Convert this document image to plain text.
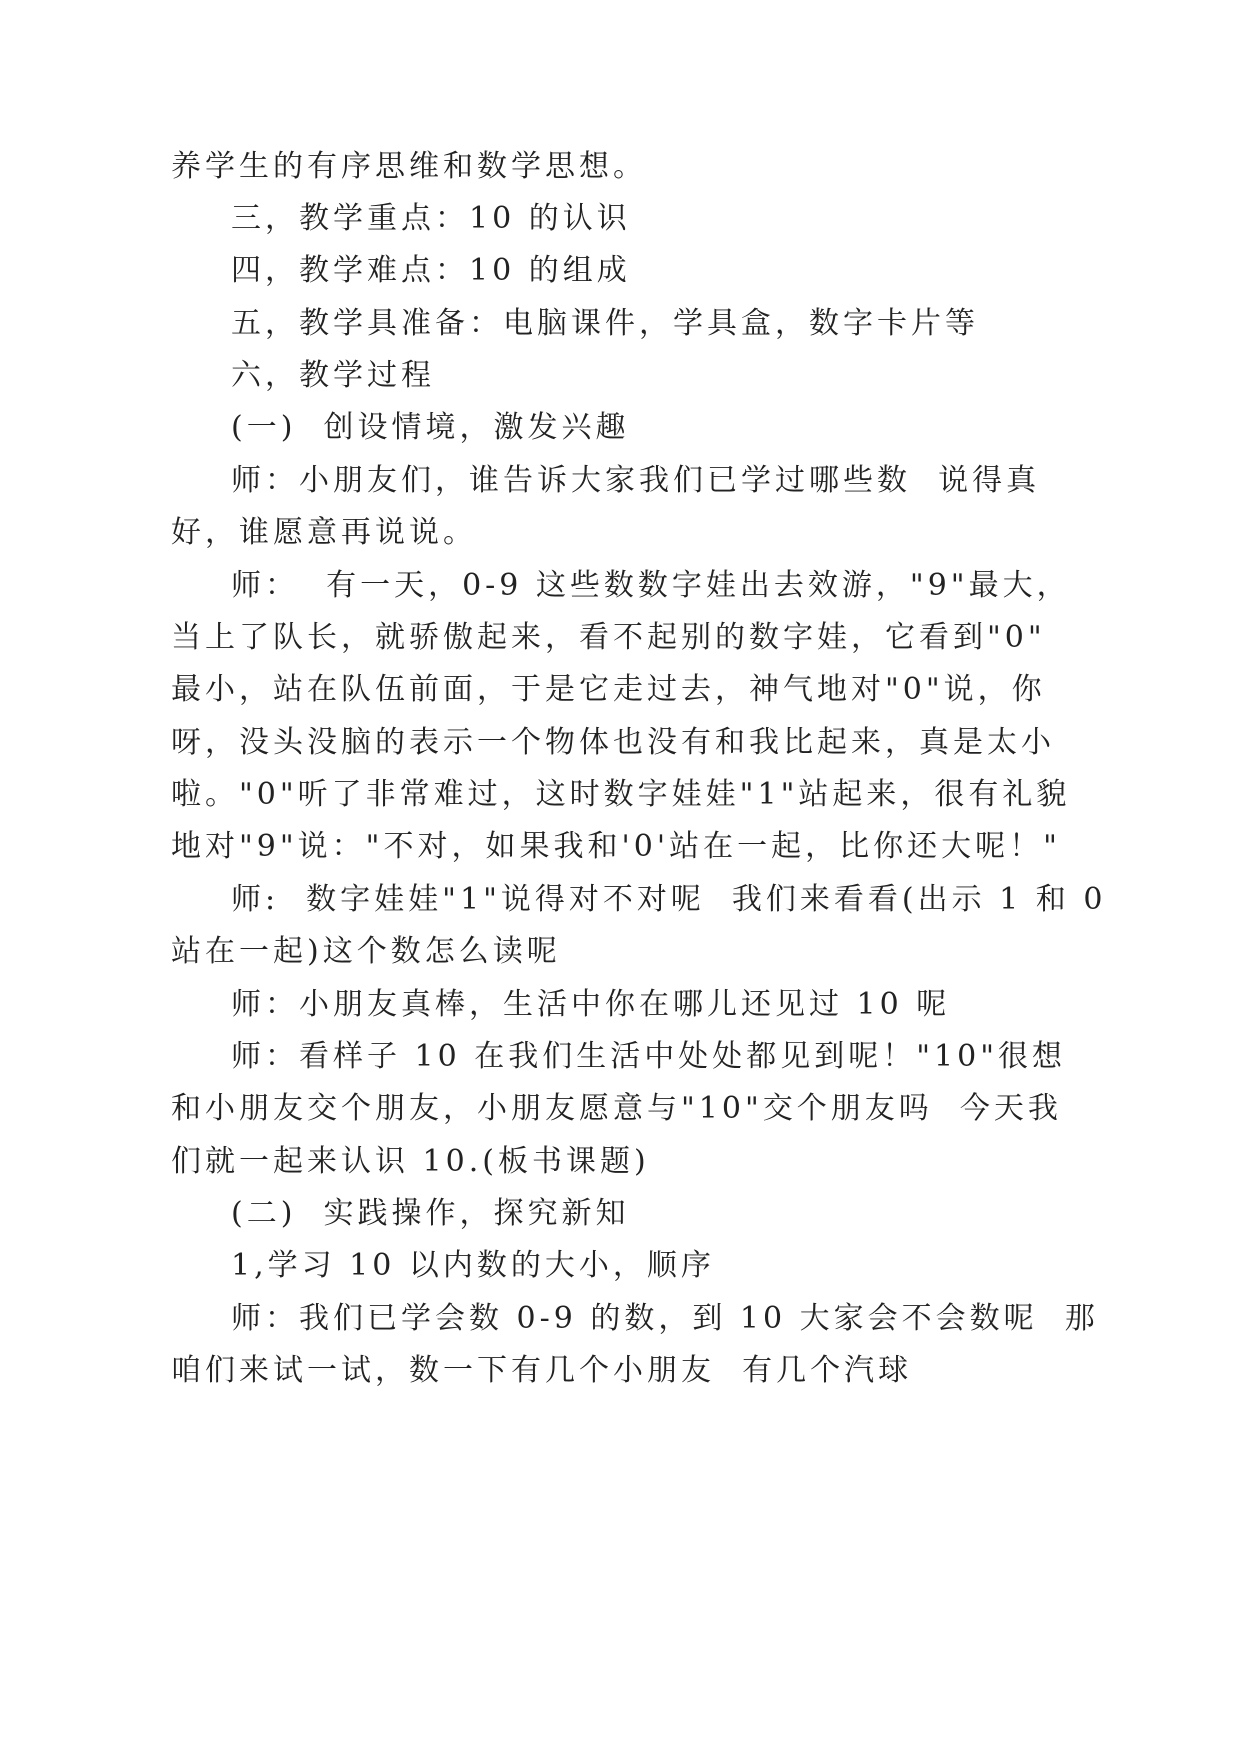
养学生的有序思维和数学思想。
三，教学重点：10 的认识
四，教学难点：10 的组成
五，教学具准备：电脑课件，学具盒，数字卡片等
六，教学过程
(一)  创设情境，激发兴趣
师：小朋友们，谁告诉大家我们已学过哪些数  说得真
好，谁愿意再说说。
师：  有一天，0-9 这些数数字娃出去效游，"9"最大，
当上了队长，就骄傲起来，看不起别的数字娃，它看到"0"
最小，站在队伍前面，于是它走过去，神气地对"0"说，你
呀，没头没脑的表示一个物体也没有和我比起来，真是太小
啦。"0"听了非常难过，这时数字娃娃"1"站起来，很有礼貌
地对"9"说："不对，如果我和'0'站在一起，比你还大呢！"
师:  数字娃娃"1"说得对不对呢  我们来看看(出示 1 和 0
站在一起)这个数怎么读呢
师：小朋友真棒，生活中你在哪儿还见过 10 呢
师：看样子 10 在我们生活中处处都见到呢！"10"很想
和小朋友交个朋友，小朋友愿意与"10"交个朋友吗  今天我
们就一起来认识 10.(板书课题)
(二)  实践操作，探究新知
1,学习 10 以内数的大小，顺序
师：我们已学会数 0-9 的数，到 10 大家会不会数呢  那
咱们来试一试，数一下有几个小朋友  有几个汽球
